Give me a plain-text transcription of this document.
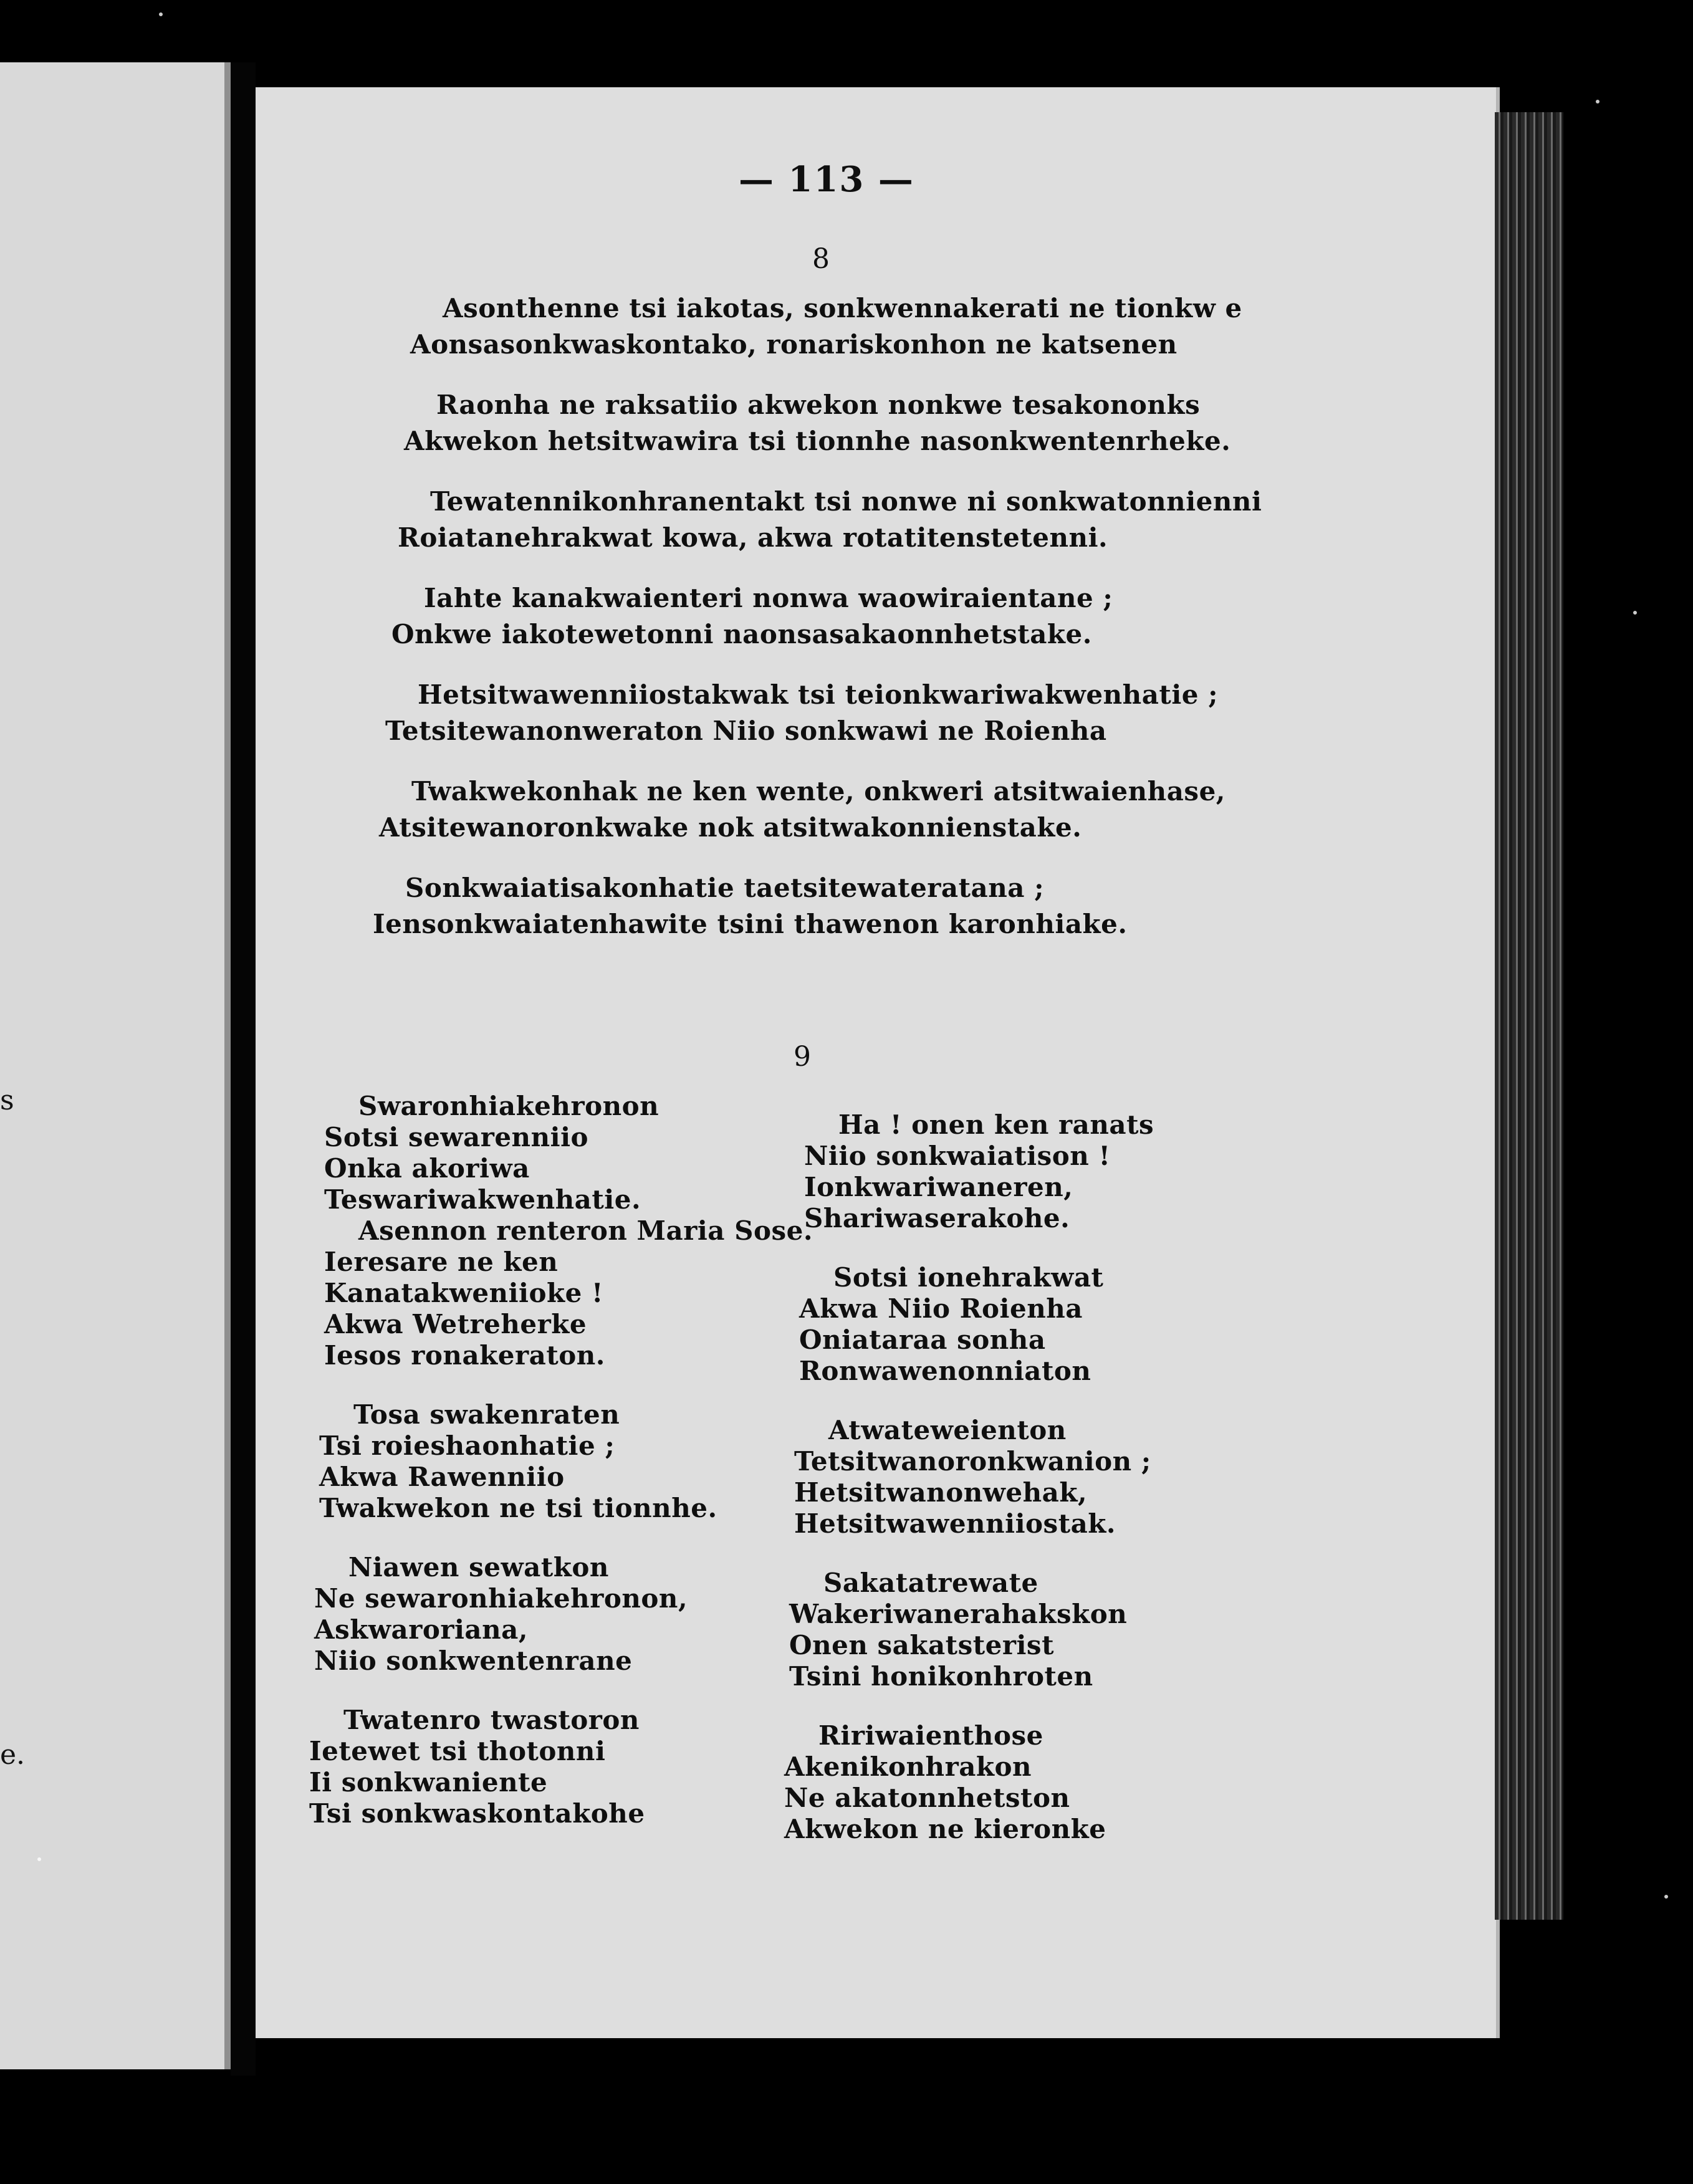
s
e.
— 113 —
8
Asonthenne tsi iakotas, sonkwennakerati ne tionkw e
Aonsasonkwaskontako, ronariskonhon ne katsenen
Raonha ne raksatiio akwekon nonkwe tesakononks
Akwekon hetsitwawira tsi tionnhe nasonkwentenrheke.
Tewatennikonhranentakt tsi nonwe ni sonkwatonnienni
Roiatanehrakwat kowa, akwa rotatitenstetenni.
Iahte kanakwaienteri nonwa waowiraientane ;
Onkwe iakotewetonni naonsasakaonnhetstake.
Hetsitwawenniiostakwak tsi teionkwariwakwenhatie ;
Tetsitewanonweraton Niio sonkwawi ne Roienha
Twakwekonhak ne ken wente, onkweri atsitwaienhase,
Atsitewanoronkwake nok atsitwakonnienstake.
Sonkwaiatisakonhatie taetsitewateratana ;
Iensonkwaiatenhawite tsini thawenon karonhiake.
9
Swaronhiakehronon
Sotsi sewarenniio
Onka akoriwa
Teswariwakwenhatie.
Asennon renteron Maria Sose.
Ieresare ne ken
Kanatakweniioke !
Akwa Wetreherke
Iesos ronakeraton.
Tosa swakenraten
Tsi roieshaonhatie ;
Akwa Rawenniio
Twakwekon ne tsi tionnhe.
Niawen sewatkon
Ne sewaronhiakehronon,
Askwaroriana,
Niio sonkwentenrane
Twatenro twastoron
Ietewet tsi thotonni
Ii sonkwaniente
Tsi sonkwaskontakohe
Ha ! onen ken ranats
Niio sonkwaiatison !
Ionkwariwaneren,
Shariwaserakohe.
Sotsi ionehrakwat
Akwa Niio Roienha
Oniataraa sonha
Ronwawenonniaton
Atwateweienton
Tetsitwanoronkwanion ;
Hetsitwanonwehak,
Hetsitwawenniiostak.
Sakatatrewate
Wakeriwanerahakskon
Onen sakatsterist
Tsini honikonhroten
Ririwaienthose
Akenikonhrakon
Ne akatonnhetston
Akwekon ne kieronke
